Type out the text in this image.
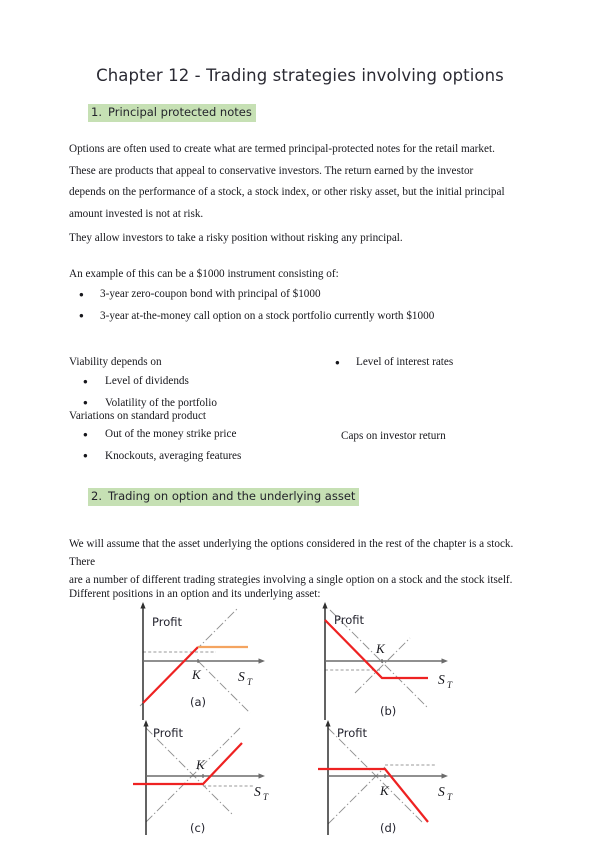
Chapter 12 - Trading strategies involving options
1. Principal protected notes
Options are often used to create what are termed principal-protected notes for the retail market.
These are products that appeal to conservative investors. The return earned by the investor
depends on the performance of a stock, a stock index, or other risky asset, but the initial principal
amount invested is not at risk.
They allow investors to take a risky position without risking any principal.
An example of this can be a $1000 instrument consisting of:
● 3-year zero-coupon bond with principal of $1000
● 3-year at-the-money call option on a stock portfolio currently worth $1000
Viability depends on
● Level of dividends
● Volatility of the portfolio
● Level of interest rates
Variations on standard product
● Out of the money strike price
● Knockouts, averaging features
Caps on investor return
2. Trading on option and the underlying asset
We will assume that the asset underlying the options considered in the rest of the chapter is a stock. There
are a number of different trading strategies involving a single option on a stock and the stock itself.
Different positions in an option and its underlying asset:
Profit
K	S T
(a)
Profit
K
S T
(b)
Profit
K
S T
(c)
Profit
K	S T
(d)
